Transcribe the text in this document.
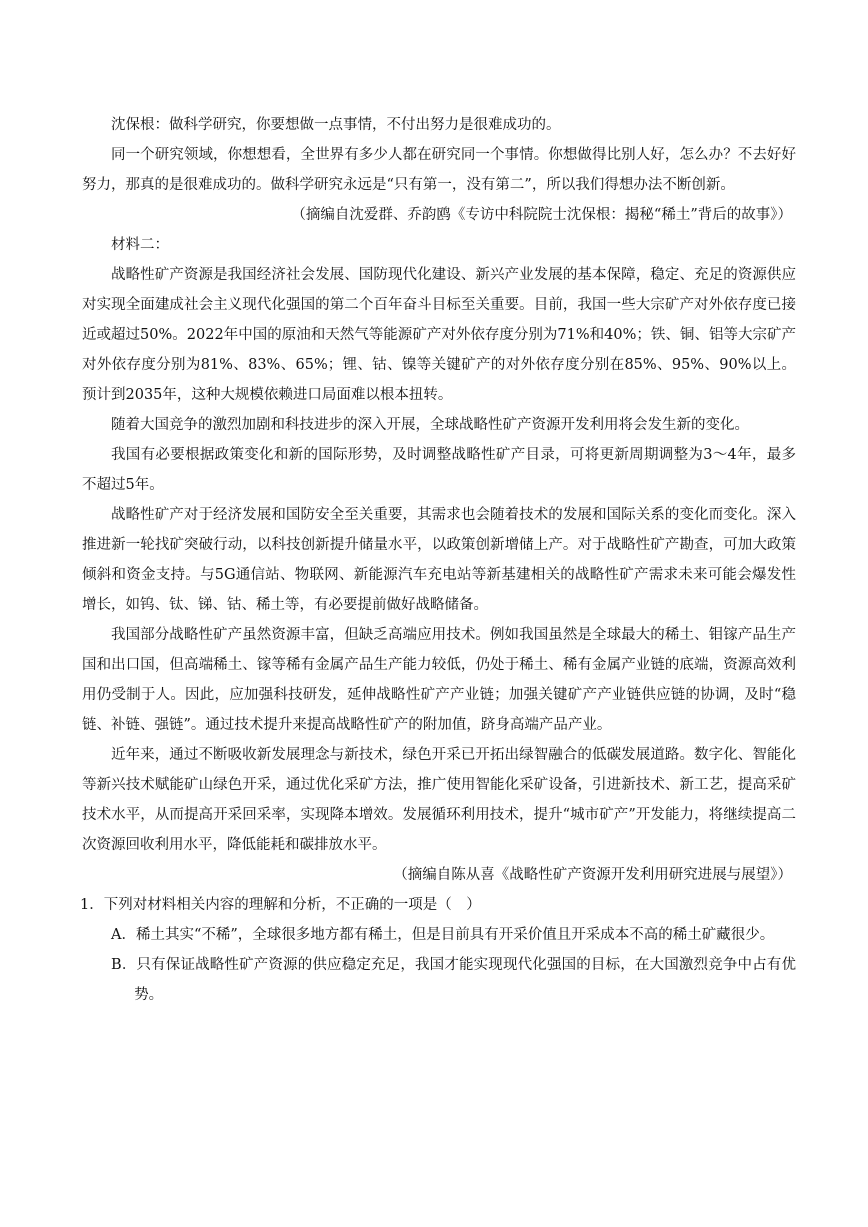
沈保根：做科学研究，你要想做一点事情，不付出努力是很难成功的。

同一个研究领域，你想想看，全世界有多少人都在研究同一个事情。你想做得比别人好，怎么办？不去好好努力，那真的是很难成功的。做科学研究永远是“只有第一，没有第二”，所以我们得想办法不断创新。

（摘编自沈爱群、乔韵鸥《专访中科院院士沈保根：揭秘“稀土”背后的故事》）

材料二：

战略性矿产资源是我国经济社会发展、国防现代化建设、新兴产业发展的基本保障，稳定、充足的资源供应对实现全面建成社会主义现代化强国的第二个百年奋斗目标至关重要。目前，我国一些大宗矿产对外依存度已接近或超过50%。2022年中国的原油和天然气等能源矿产对外依存度分别为71%和40%；铁、铜、铝等大宗矿产对外依存度分别为81%、83%、65%；锂、钴、镍等关键矿产的对外依存度分别在85%、95%、90%以上。预计到2035年，这种大规模依赖进口局面难以根本扭转。

随着大国竞争的激烈加剧和科技进步的深入开展，全球战略性矿产资源开发利用将会发生新的变化。

我国有必要根据政策变化和新的国际形势，及时调整战略性矿产目录，可将更新周期调整为3～4年，最多不超过5年。

战略性矿产对于经济发展和国防安全至关重要，其需求也会随着技术的发展和国际关系的变化而变化。深入推进新一轮找矿突破行动，以科技创新提升储量水平，以政策创新增储上产。对于战略性矿产勘查，可加大政策倾斜和资金支持。与5G通信站、物联网、新能源汽车充电站等新基建相关的战略性矿产需求未来可能会爆发性增长，如钨、钛、锑、钴、稀土等，有必要提前做好战略储备。

我国部分战略性矿产虽然资源丰富，但缺乏高端应用技术。例如我国虽然是全球最大的稀土、钼镓产品生产国和出口国，但高端稀土、镓等稀有金属产品生产能力较低，仍处于稀土、稀有金属产业链的底端，资源高效利用仍受制于人。因此，应加强科技研发，延伸战略性矿产产业链；加强关键矿产产业链供应链的协调，及时“稳链、补链、强链”。通过技术提升来提高战略性矿产的附加值，跻身高端产品产业。

近年来，通过不断吸收新发展理念与新技术，绿色开采已开拓出绿智融合的低碳发展道路。数字化、智能化等新兴技术赋能矿山绿色开采，通过优化采矿方法，推广使用智能化采矿设备，引进新技术、新工艺，提高采矿技术水平，从而提高开采回采率，实现降本增效。发展循环利用技术，提升“城市矿产”开发能力，将继续提高二次资源回收利用水平，降低能耗和碳排放水平。

（摘编自陈从喜《战略性矿产资源开发利用研究进展与展望》）

1．下列对材料相关内容的理解和分析，不正确的一项是（　）

A．稀土其实“不稀”，全球很多地方都有稀土，但是目前具有开采价值且开采成本不高的稀土矿藏很少。

B．只有保证战略性矿产资源的供应稳定充足，我国才能实现现代化强国的目标，在大国激烈竞争中占有优势。
